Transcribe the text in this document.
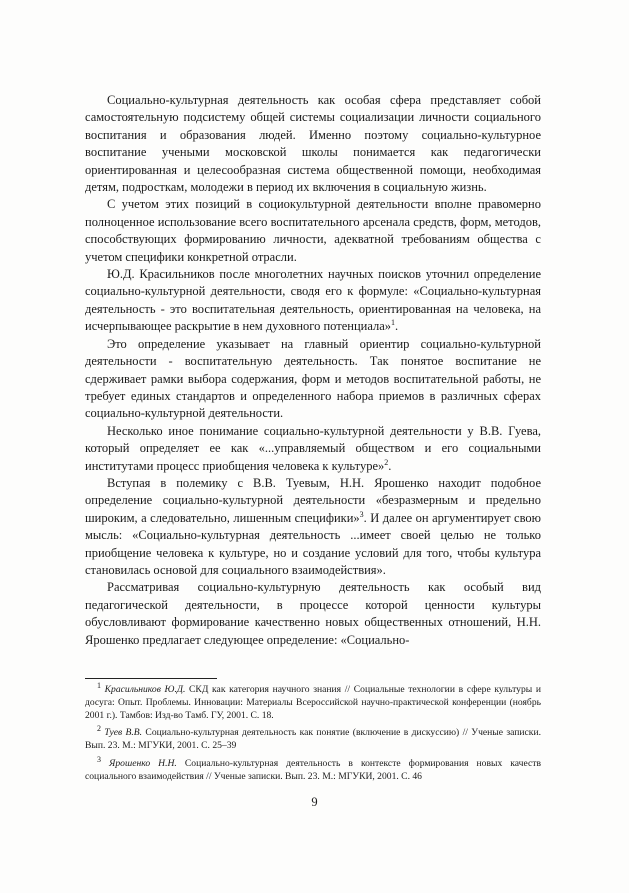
Социально-культурная деятельность как особая сфера представляет собой самостоятельную подсистему общей системы социализации личности социального воспитания и образования людей. Именно поэтому социально-культурное воспитание учеными московской школы понимается как педагогически ориентированная и целесообразная система общественной помощи, необходимая детям, подросткам, молодежи в период их включения в социальную жизнь.

С учетом этих позиций в социокультурной деятельности вполне правомерно полноценное использование всего воспитательного арсенала средств, форм, методов, способствующих формированию личности, адекватной требованиям общества с учетом специфики конкретной отрасли.

Ю.Д. Красильников после многолетних научных поисков уточнил определение социально-культурной деятельности, сводя его к формуле: «Социально-культурная деятельность - это воспитательная деятельность, ориентированная на человека, на исчерпывающее раскрытие в нем духовного потенциала»$^1$.

Это определение указывает на главный ориентир социально-культурной деятельности - воспитательную деятельность. Так понятое воспитание не сдерживает рамки выбора содержания, форм и методов воспитательной работы, не требует единых стандартов и определенного набора приемов в различных сферах социально-культурной деятельности.

Несколько иное понимание социально-культурной деятельности у В.В. Гуева, который определяет ее как «...управляемый обществом и его социальными институтами процесс приобщения человека к культуре»$^2$.

Вступая в полемику с В.В. Туевым, Н.Н. Ярошенко находит подобное определение социально-культурной деятельности «безразмерным и предельно широким, а следовательно, лишенным специфики»$^3$. И далее он аргументирует свою мысль: «Социально-культурная деятельность ...имеет своей целью не только приобщение человека к культуре, но и создание условий для того, чтобы культура становилась основой для социального взаимодействия».

Рассматривая социально-культурную деятельность как особый вид педагогической деятельности, в процессе которой ценности культуры обусловливают формирование качественно новых общественных отношений, Н.Н. Ярошенко предлагает следующее определение: «Социально-

$^1$ Красильников Ю.Д. СКД как категория научного знания // Социальные технологии в сфере культуры и досуга: Опыт. Проблемы. Инновации: Материалы Всероссийской научно-практической конференции (ноябрь 2001 г.). Тамбов: Изд-во Тамб. ГУ, 2001. С. 18.

$^2$ Туев В.В. Социально-культурная деятельность как понятие (включение в дискуссию) // Ученые записки. Вып. 23. М.: МГУКИ, 2001. С. 25–39

$^3$ Ярошенко Н.Н. Социально-культурная деятельность в контексте формирования новых качеств социального взаимодействия // Ученые записки. Вып. 23. М.: МГУКИ, 2001. С. 46

9
